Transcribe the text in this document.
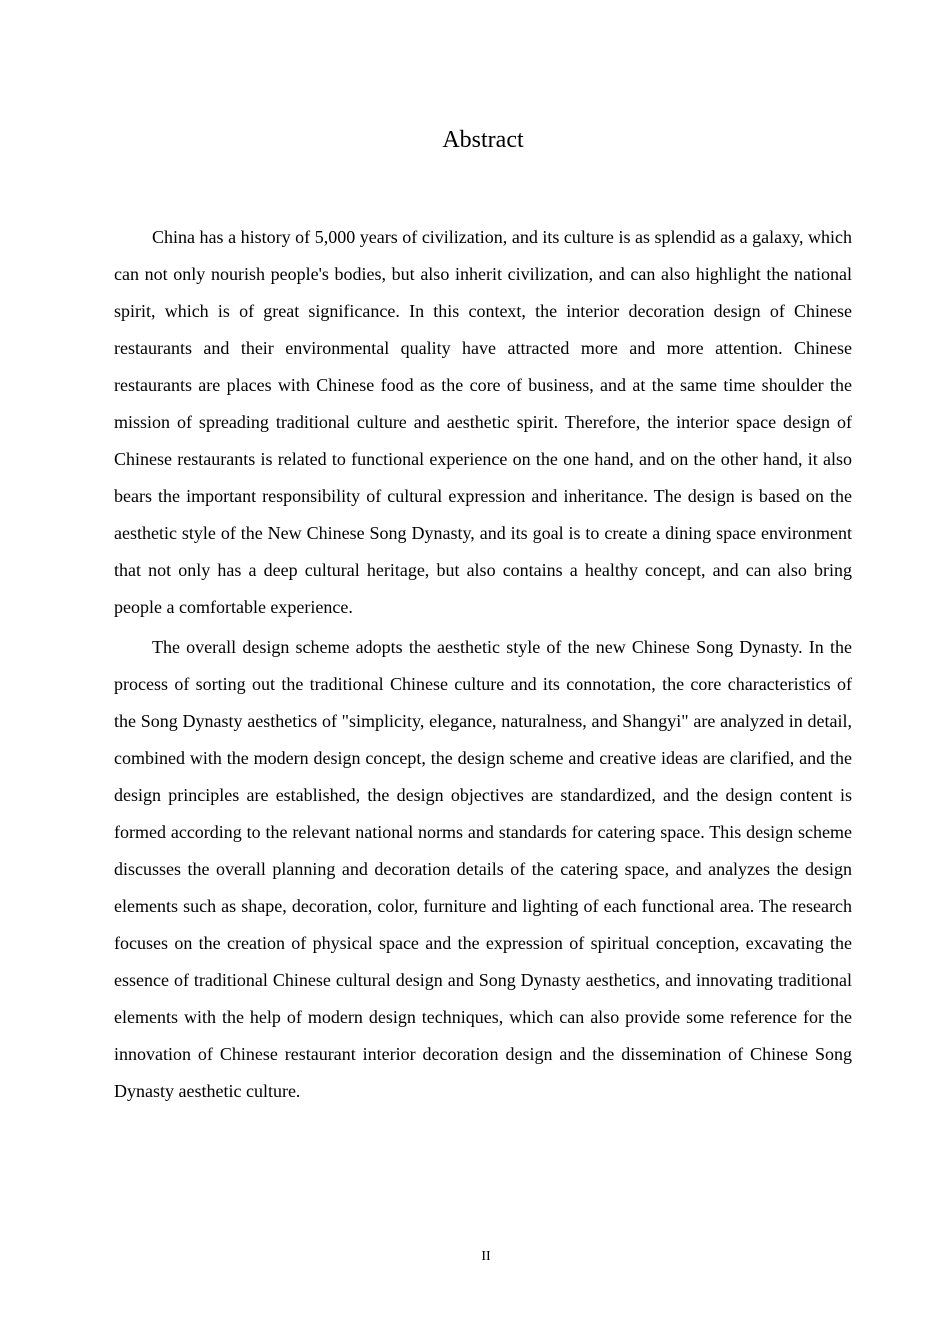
Abstract

China has a history of 5,000 years of civilization, and its culture is as splendid as a galaxy, which can not only nourish people's bodies, but also inherit civilization, and can also highlight the national spirit, which is of great significance. In this context, the interior decoration design of Chinese restaurants and their environmental quality have attracted more and more attention. Chinese restaurants are places with Chinese food as the core of business, and at the same time shoulder the mission of spreading traditional culture and aesthetic spirit. Therefore, the interior space design of Chinese restaurants is related to functional experience on the one hand, and on the other hand, it also bears the important responsibility of cultural expression and inheritance. The design is based on the aesthetic style of the New Chinese Song Dynasty, and its goal is to create a dining space environment that not only has a deep cultural heritage, but also contains a healthy concept, and can also bring people a comfortable experience.

The overall design scheme adopts the aesthetic style of the new Chinese Song Dynasty. In the process of sorting out the traditional Chinese culture and its connotation, the core characteristics of the Song Dynasty aesthetics of "simplicity, elegance, naturalness, and Shangyi" are analyzed in detail, combined with the modern design concept, the design scheme and creative ideas are clarified, and the design principles are established, the design objectives are standardized, and the design content is formed according to the relevant national norms and standards for catering space. This design scheme discusses the overall planning and decoration details of the catering space, and analyzes the design elements such as shape, decoration, color, furniture and lighting of each functional area. The research focuses on the creation of physical space and the expression of spiritual conception, excavating the essence of traditional Chinese cultural design and Song Dynasty aesthetics, and innovating traditional elements with the help of modern design techniques, which can also provide some reference for the innovation of Chinese restaurant interior decoration design and the dissemination of Chinese Song Dynasty aesthetic culture.

II
